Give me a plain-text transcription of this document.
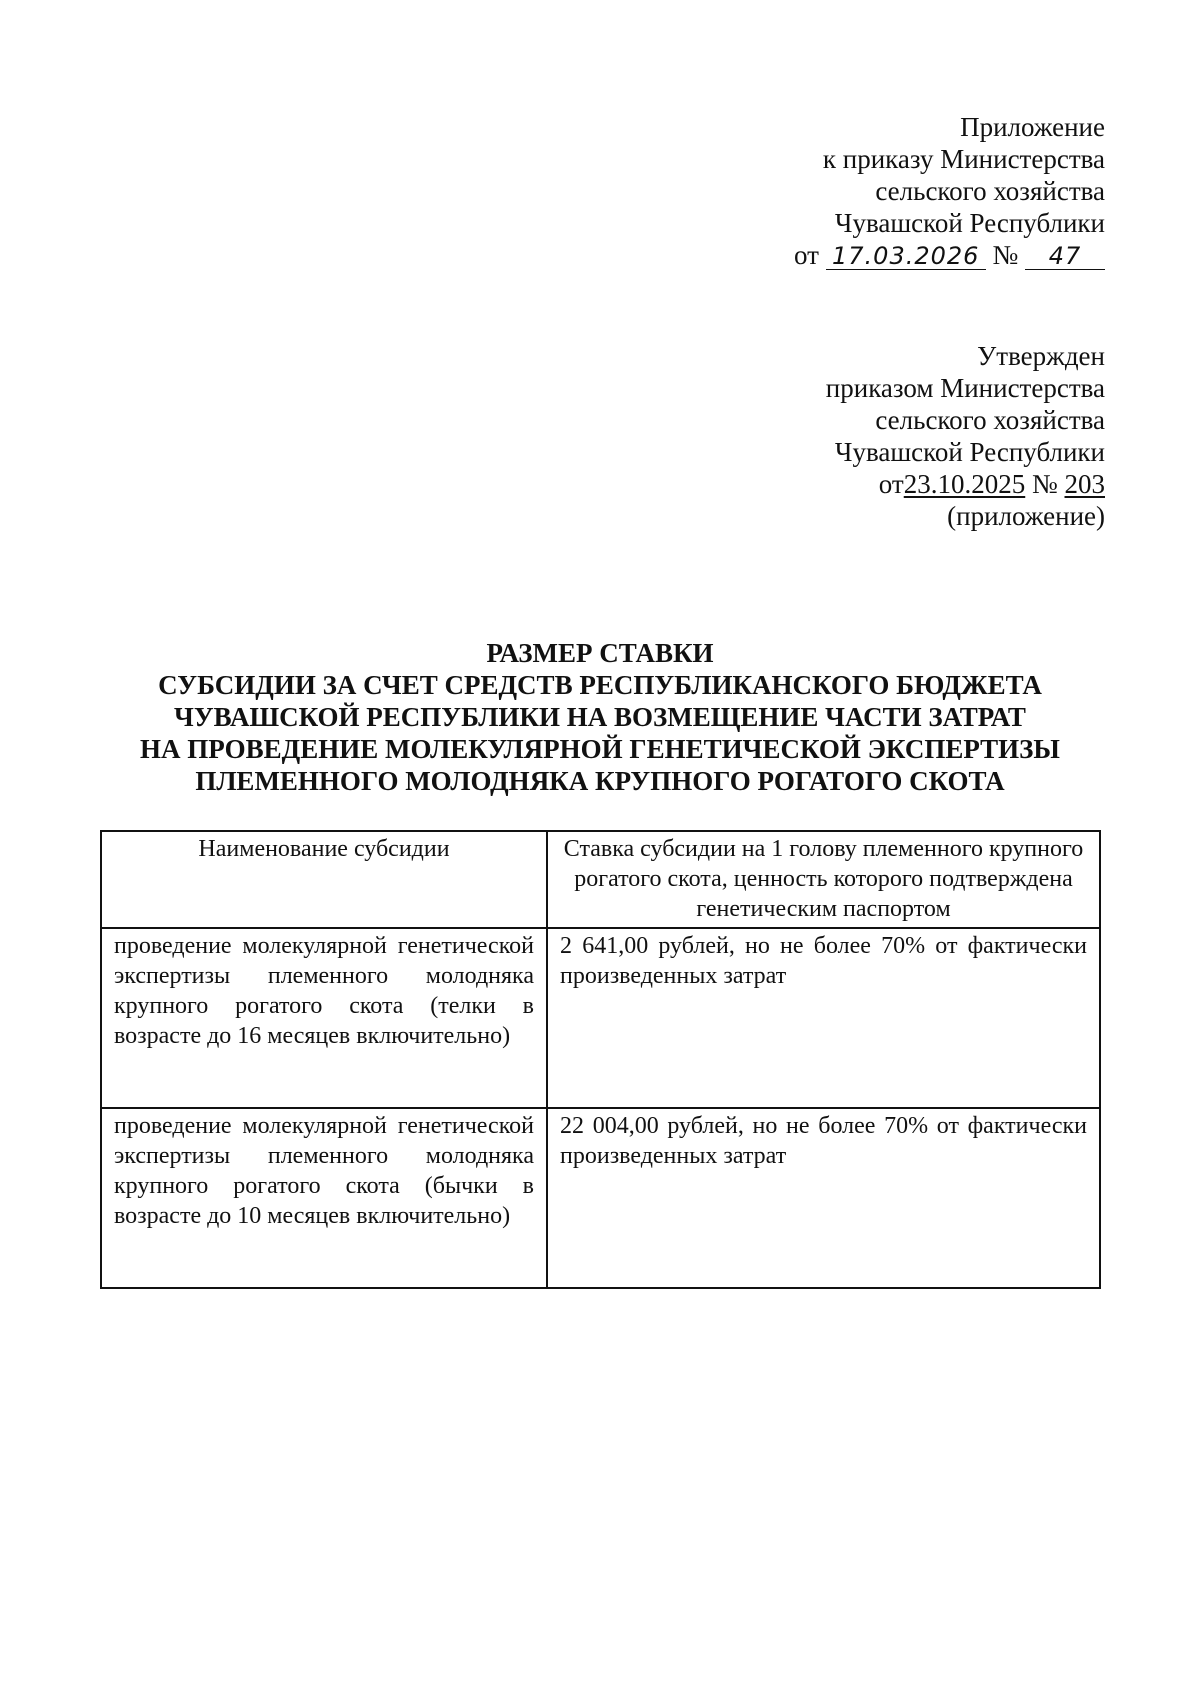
Приложение
к приказу Министерства
сельского хозяйства
Чувашской Республики
от 17.03.2026 № 47
Утвержден
приказом Министерства
сельского хозяйства
Чувашской Республики
от23.10.2025 № 203
(приложение)
РАЗМЕР СТАВКИ
СУБСИДИИ ЗА СЧЕТ СРЕДСТВ РЕСПУБЛИКАНСКОГО БЮДЖЕТА
ЧУВАШСКОЙ РЕСПУБЛИКИ НА ВОЗМЕЩЕНИЕ ЧАСТИ ЗАТРАТ
НА ПРОВЕДЕНИЕ МОЛЕКУЛЯРНОЙ ГЕНЕТИЧЕСКОЙ ЭКСПЕРТИЗЫ
ПЛЕМЕННОГО МОЛОДНЯКА КРУПНОГО РОГАТОГО СКОТА
Наименование субсидии	Ставка субсидии на 1 голову племенного крупного рогатого скота, ценность которого подтверждена генетическим паспортом
проведение молекулярной генетической экспертизы племенного молодняка крупного рогатого скота (телки в возрасте до 16 месяцев включительно)	2 641,00 рублей, но не более 70% от фактически произведенных затрат
проведение молекулярной генетической экспертизы племенного молодняка крупного рогатого скота (бычки в возрасте до 10 месяцев включительно)	22 004,00 рублей, но не более 70% от фактически произведенных затрат
